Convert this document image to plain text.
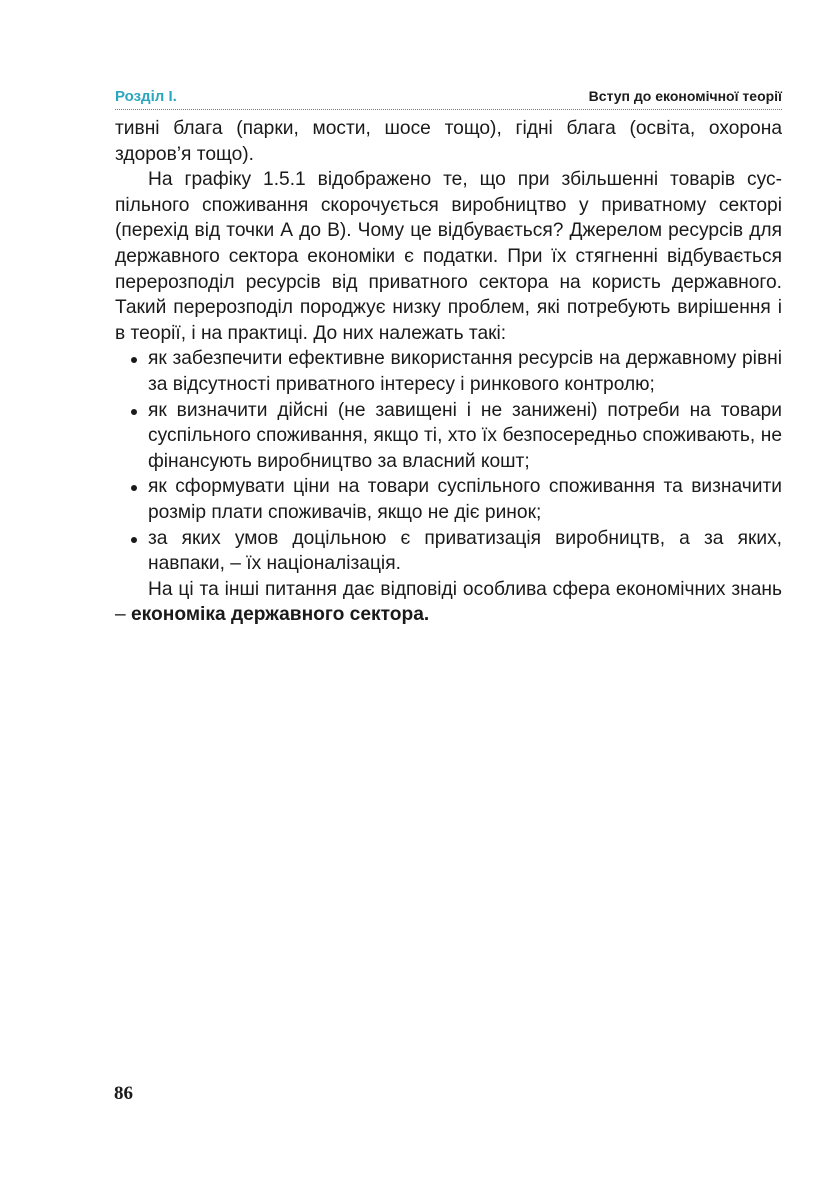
Розділ I.	Вступ до економічної теорії

тивні блага (парки, мости, шосе тощо), гідні блага (освіта, охорона здоров’я тощо).

На графіку 1.5.1 відображено те, що при збільшенні товарів суспільного споживання скорочується виробництво у приватному секторі (перехід від точки А до B). Чому це відбувається? Джерелом ресурсів для державного сектора економіки є податки. При їх стягненні відбувається перерозподіл ресурсів від приватного сектора на користь державного. Такий перерозподіл породжує низку проблем, які потребують вирішення і в теорії, і на практиці. До них належать такі:

як забезпечити ефективне використання ресурсів на державному рівні за відсутності приватного інтересу і ринкового контролю;
як визначити дійсні (не завищені і не занижені) потреби на товари суспільного споживання, якщо ті, хто їх безпосередньо споживають, не фінансують виробництво за власний кошт;
як сформувати ціни на товари суспільного споживання та визначити розмір плати споживачів, якщо не діє ринок;
за яких умов доцільною є приватизація виробництв, а за яких, навпаки, – їх націоналізація.

На ці та інші питання дає відповіді особлива сфера економічних знань – економіка державного сектора.

86
